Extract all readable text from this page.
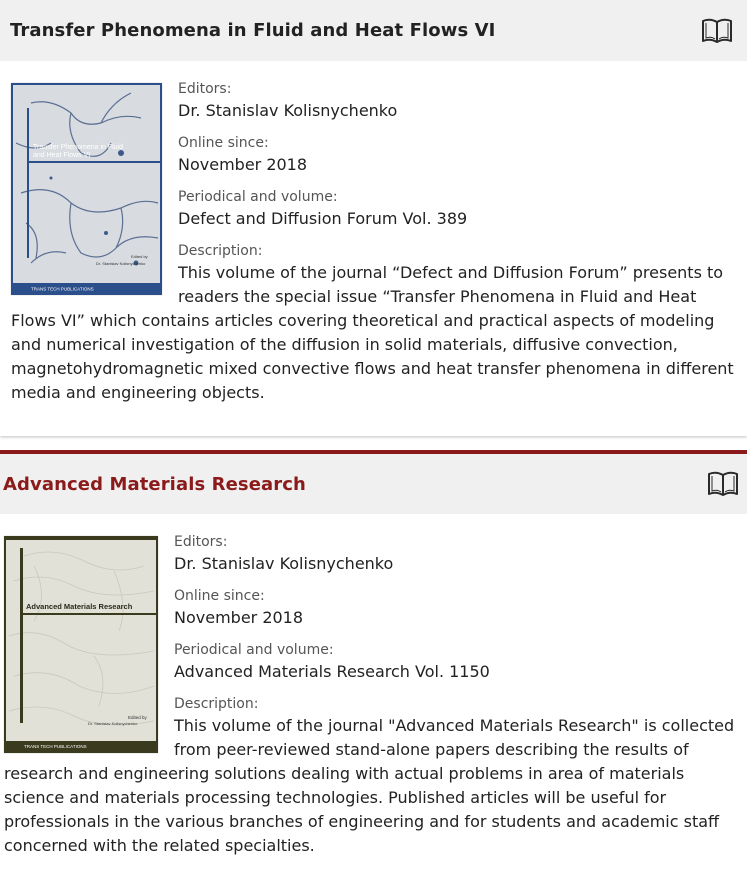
Transfer Phenomena in Fluid and Heat Flows VI
Transfer Phenomena in Fluid
and Heat Flows VI
Edited by
Dr. Stanislav Kolisnychenko
TRANS TECH PUBLICATIONS
Editors:
Dr. Stanislav Kolisnychenko
Online since:
November 2018
Periodical and volume:
Defect and Diffusion Forum Vol. 389
Description:
This volume of the journal “Defect and Diffusion Forum” presents to readers the special issue “Transfer Phenomena in Fluid and Heat Flows VI” which contains articles covering theoretical and practical aspects of modeling and numerical investigation of the diffusion in solid materials, diffusive convection, magnetohydromagnetic mixed convective flows and heat transfer phenomena in different media and engineering objects.
Advanced Materials Research
Advanced Materials Research
Edited by
Dr. Stanislav Kolisnychenko
TRANS TECH PUBLICATIONS
Editors:
Dr. Stanislav Kolisnychenko
Online since:
November 2018
Periodical and volume:
Advanced Materials Research Vol. 1150
Description:
This volume of the journal "Advanced Materials Research" is collected from peer-reviewed stand-alone papers describing the results of research and engineering solutions dealing with actual problems in area of materials science and materials processing technologies. Published articles will be useful for professionals in the various branches of engineering and for students and academic staff concerned with the related specialties.
